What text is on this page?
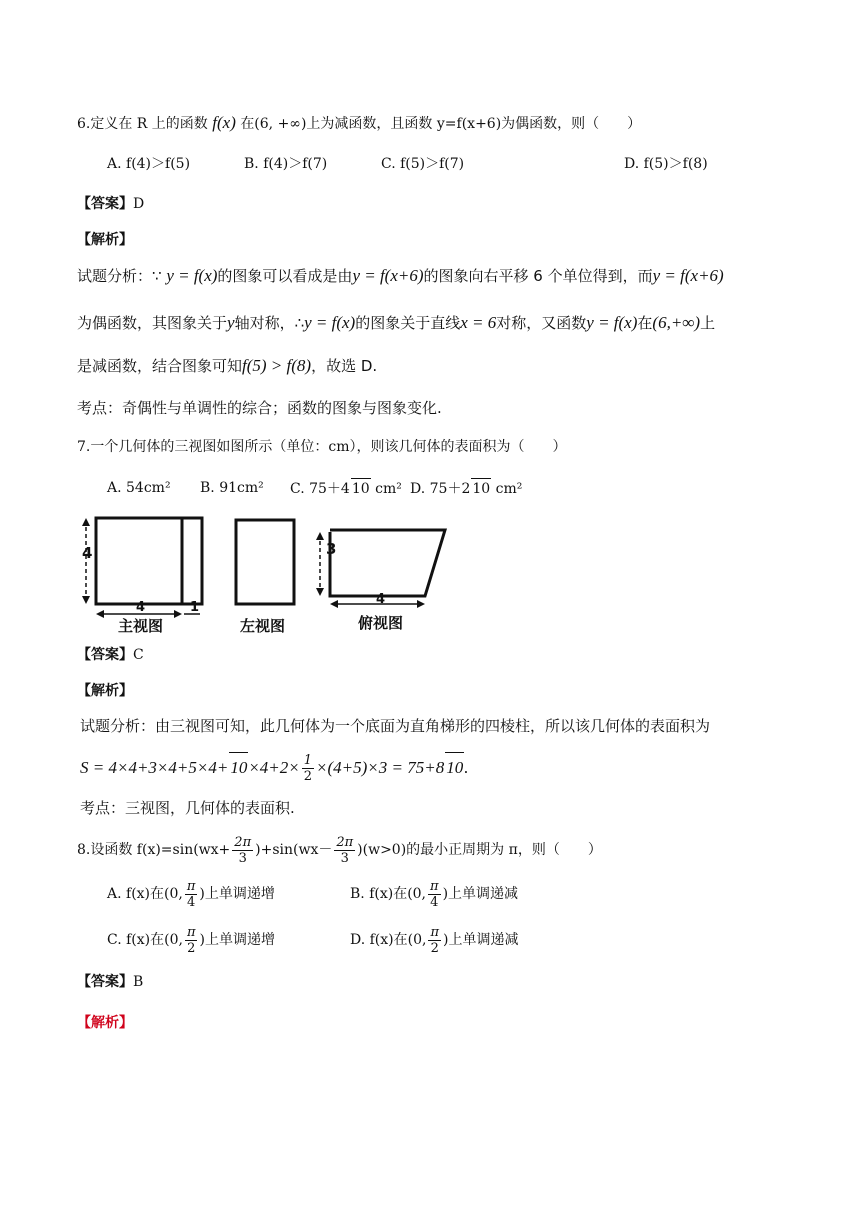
6.定义在 R 上的函数 f(x) 在(6, +∞)上为减函数，且函数 y=f(x+6)为偶函数，则（　　）
A. f(4)＞f(5)	B. f(4)＞f(7)	C. f(5)＞f(7)	D. f(5)＞f(8)
【答案】D
【解析】
试题分析：∵ y = f(x)的图象可以看成是由y = f(x+6)的图象向右平移 6 个单位得到，而y = f(x+6)
为偶函数，其图象关于y轴对称，∴y = f(x)的图象关于直线x = 6对称，又函数y = f(x)在(6,+∞)上
是减函数，结合图象可知f(5) > f(8)，故选 D.
考点：奇偶性与单调性的综合；函数的图象与图象变化.
7.一个几何体的三视图如图所示（单位：cm），则该几何体的表面积为（　　）
A. 54cm² B. 91cm² C. 75＋4 10 cm² D. 75＋2 10 cm²
4
4	1
3
4
主视图	左视图	俯视图
【答案】C
【解析】
试题分析：由三视图可知，此几何体为一个底面为直角梯形的四棱柱，所以该几何体的表面积为
$S = 4\times 4+3\times 4+5\times 4+ 10\times 4+2\times \frac{1}{2} \times(4+5)\times 3 = 75+8$ 10.
考点：三视图，几何体的表面积.
8.设函数 $f(x)=\sin(wx+ \frac{2\pi}{3} )+\sin(wx- \frac{2\pi}{3} )(w>0)$的最小正周期为 π，则（　　）
A. f(x)在(0, $\frac{\pi}{4}$ )上单调递增	B. f(x)在(0, $\frac{\pi}{4}$ )上单调递减
C. f(x)在(0, $\frac{\pi}{2}$ )上单调递增	D. f(x)在(0, $\frac{\pi}{2}$ )上单调递减
【答案】B
【解析】
